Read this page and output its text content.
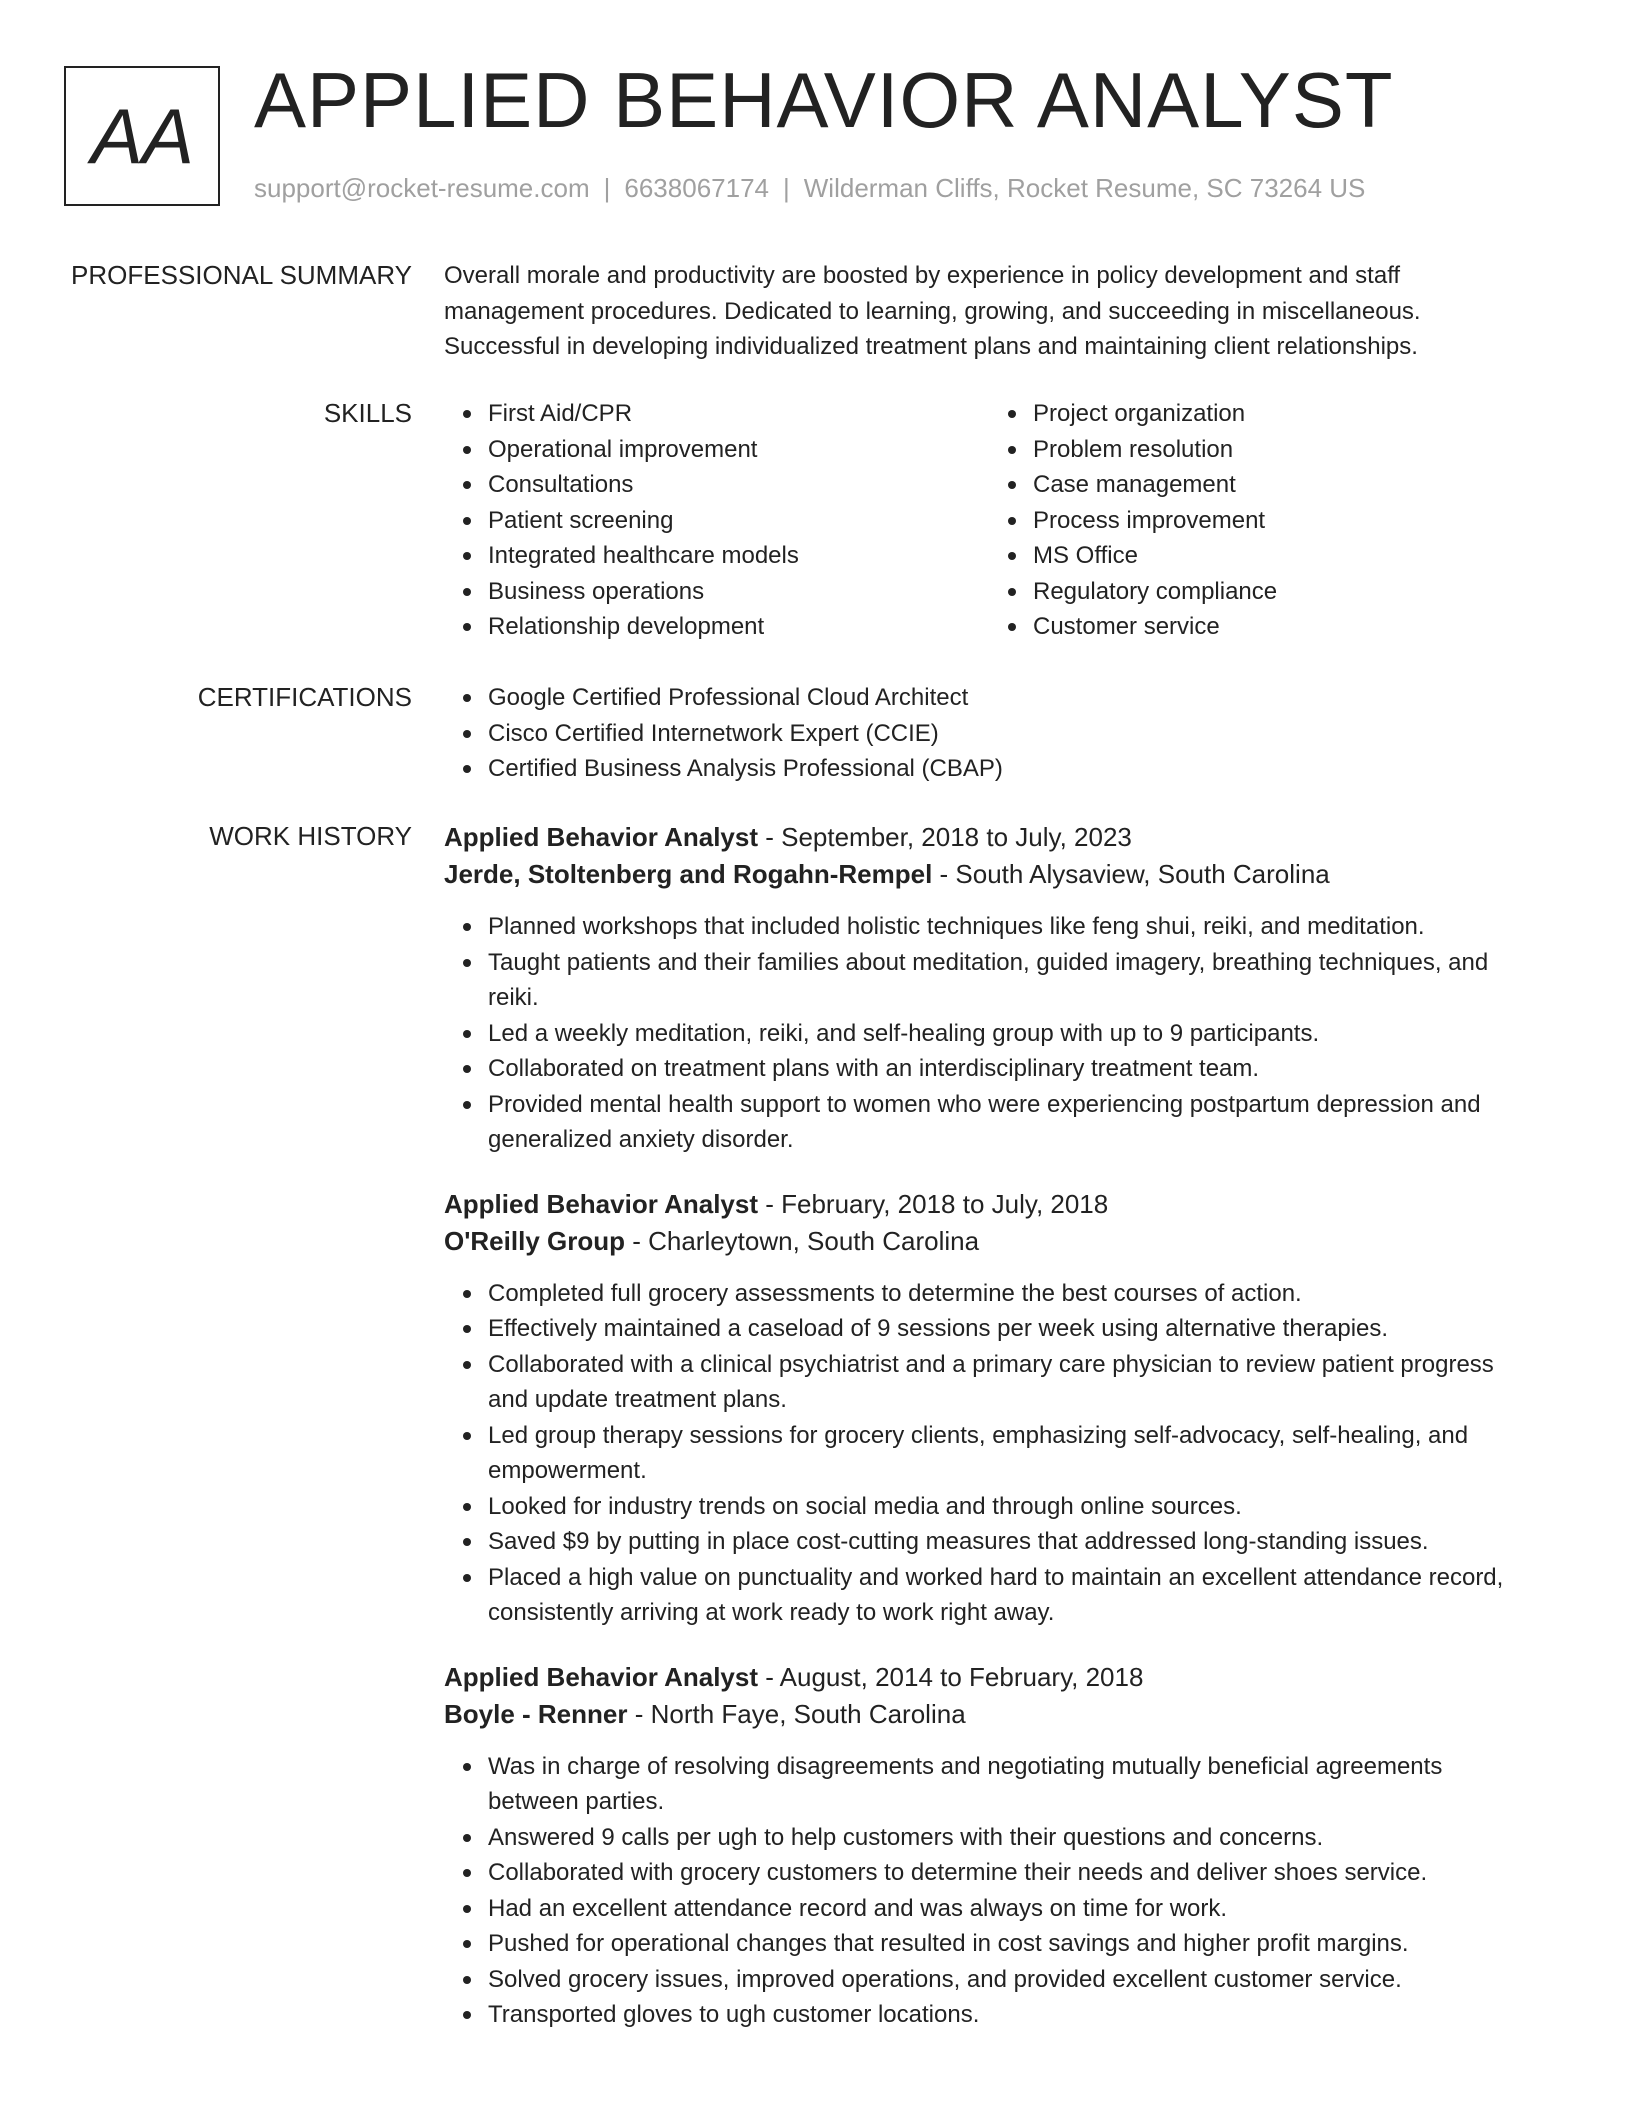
AA APPLIED BEHAVIOR ANALYST
support@rocket-resume.com | 6638067174 | Wilderman Cliffs, Rocket Resume, SC 73264 US
PROFESSIONAL SUMMARY Overall morale and productivity are boosted by experience in policy development and staff management procedures. Dedicated to learning, growing, and succeeding in miscellaneous. Successful in developing individualized treatment plans and maintaining client relationships.

SKILLS	First Aid/CPR
Operational improvement
Consultations
Patient screening
Integrated healthcare models
Business operations
Relationship development
Project organization
Problem resolution
Case management
Process improvement
MS Office
Regulatory compliance
Customer service
CERTIFICATIONS	Google Certified Professional Cloud Architect
Cisco Certified Internetwork Expert (CCIE)
Certified Business Analysis Professional (CBAP)
WORK HISTORY Applied Behavior Analyst - September, 2018 to July, 2023
Jerde, Stoltenberg and Rogahn-Rempel - South Alysaview, South Carolina
Planned workshops that included holistic techniques like feng shui, reiki, and meditation.
Taught patients and their families about meditation, guided imagery, breathing techniques, and reiki.
Led a weekly meditation, reiki, and self-healing group with up to 9 participants.
Collaborated on treatment plans with an interdisciplinary treatment team.
Provided mental health support to women who were experiencing postpartum depression and generalized anxiety disorder.
Applied Behavior Analyst - February, 2018 to July, 2018
O'Reilly Group - Charleytown, South Carolina
Completed full grocery assessments to determine the best courses of action.
Effectively maintained a caseload of 9 sessions per week using alternative therapies.
Collaborated with a clinical psychiatrist and a primary care physician to review patient progress and update treatment plans.
Led group therapy sessions for grocery clients, emphasizing self-advocacy, self-healing, and empowerment.
Looked for industry trends on social media and through online sources.
Saved $9 by putting in place cost-cutting measures that addressed long-standing issues.
Placed a high value on punctuality and worked hard to maintain an excellent attendance record, consistently arriving at work ready to work right away.
Applied Behavior Analyst - August, 2014 to February, 2018
Boyle - Renner - North Faye, South Carolina
Was in charge of resolving disagreements and negotiating mutually beneficial agreements between parties.
Answered 9 calls per ugh to help customers with their questions and concerns.
Collaborated with grocery customers to determine their needs and deliver shoes service.
Had an excellent attendance record and was always on time for work.
Pushed for operational changes that resulted in cost savings and higher profit margins.
Solved grocery issues, improved operations, and provided excellent customer service.
Transported gloves to ugh customer locations.
